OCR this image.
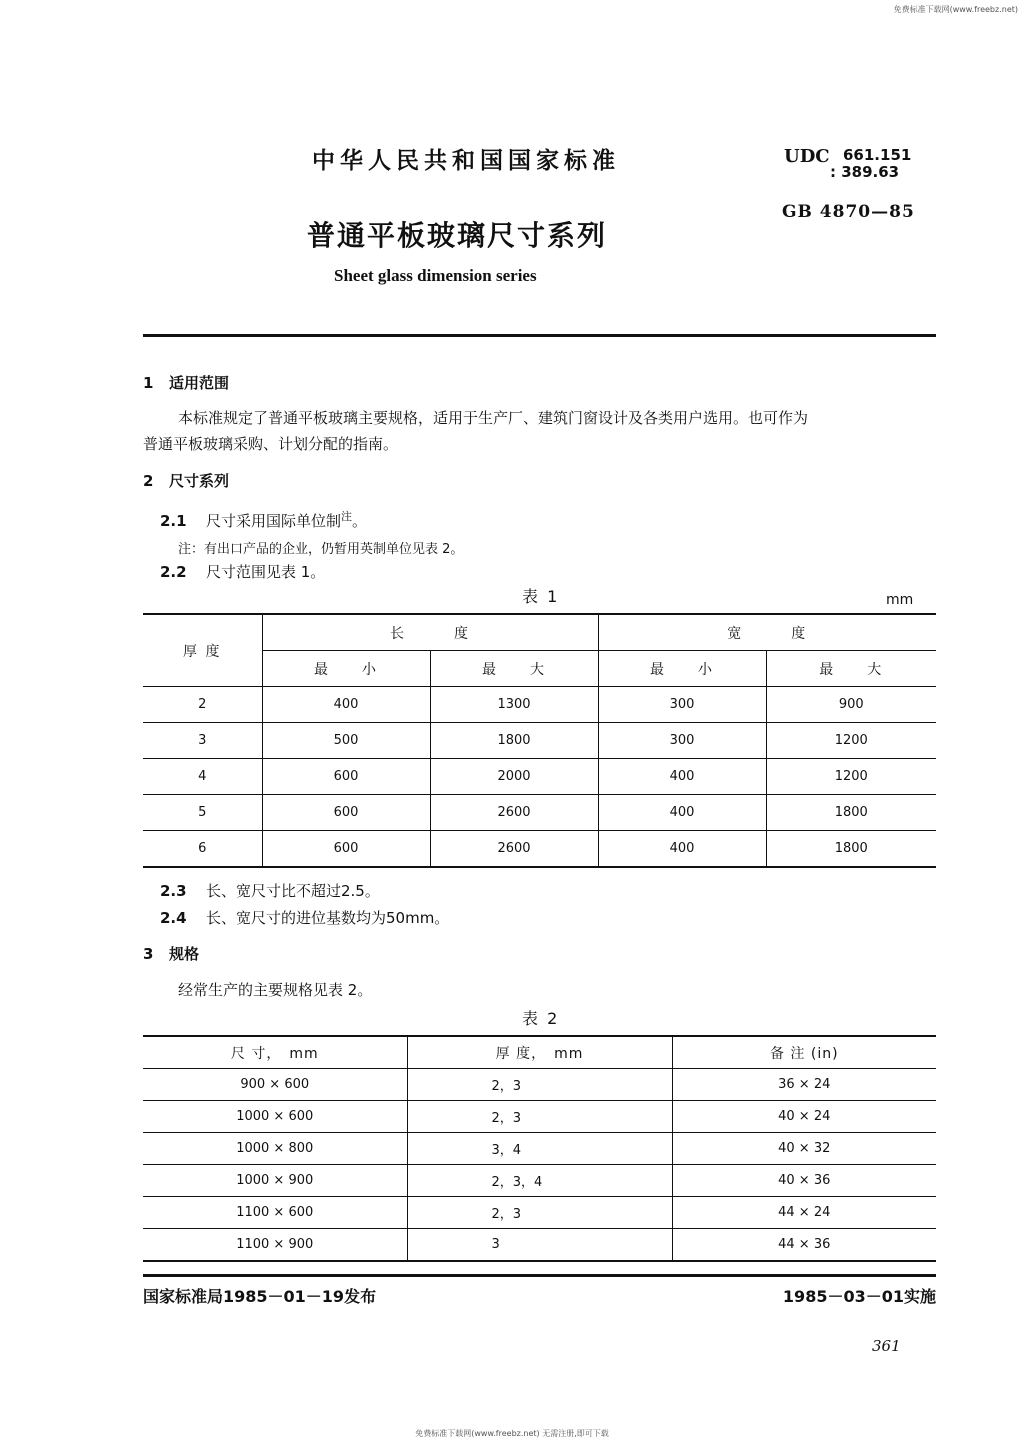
免费标准下载网(www.freebz.net)
中华人民共和国国家标准	UDC 661.151
: 389.63
GB 4870—85
普通平板玻璃尺寸系列
Sheet glass dimension series
1 适用范围
本标准规定了普通平板玻璃主要规格，适用于生产厂、建筑门窗设计及各类用户选用。也可作为
普通平板玻璃采购、计划分配的指南。
2 尺寸系列
2.1 尺寸采用国际单位制$^注$。
注：有出口产品的企业，仍暂用英制单位见表 2。
2.2 尺寸范围见表 1。
表 1	mm
厚 度	长　　　度		宽　　　度	
	最　　小	最　　大	最　　小	最　　大
2	400	1300	300	900
3	500	1800	300	1200
4	600	2000	400	1200
5	600	2600	400	1800
6	600	2600	400	1800
2.3 长、宽尺寸比不超过2.5。
2.4 长、宽尺寸的进位基数均为50mm。
3 规格
经常生产的主要规格见表 2。
表 2
尺 寸，　mm	厚 度，　mm	备 注 (in)
900 × 600	2，3	36 × 24
1000 × 600	2，3	40 × 24
1000 × 800	3，4	40 × 32
1000 × 900	2，3，4	40 × 36
1100 × 600	2，3	44 × 24
1100 × 900	3	44 × 36
国家标准局1985－01－19发布	1985－03－01实施
361
免费标准下载网(www.freebz.net) 无需注册,即可下载
